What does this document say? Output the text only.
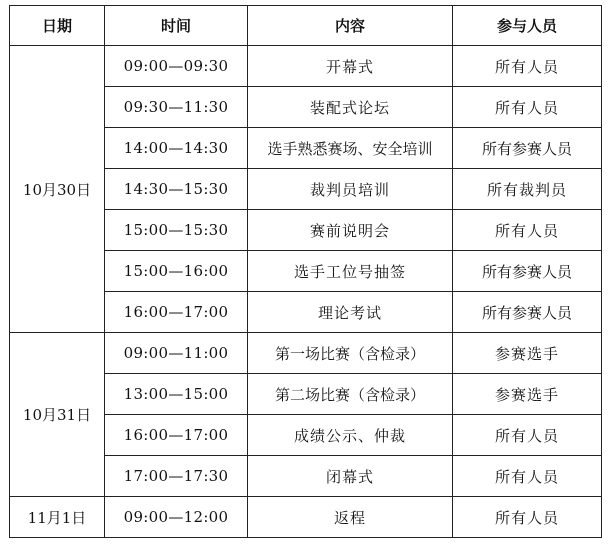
日期	时间	内容	参与人员
10月30日	09:00—09:30	开幕式	所有人员
	09:30—11:30	装配式论坛	所有人员
	14:00—14:30	选手熟悉赛场、安全培训	所有参赛人员
	14:30—15:30	裁判员培训	所有裁判员
	15:00—15:30	赛前说明会	所有人员
	15:00—16:00	选手工位号抽签	所有参赛人员
	16:00—17:00	理论考试	所有参赛人员
10月31日	09:00—11:00	第一场比赛（含检录）	参赛选手
	13:00—15:00	第二场比赛（含检录）	参赛选手
	16:00—17:00	成绩公示、仲裁	所有人员
	17:00—17:30	闭幕式	所有人员
11月1日	09:00—12:00	返程	所有人员
